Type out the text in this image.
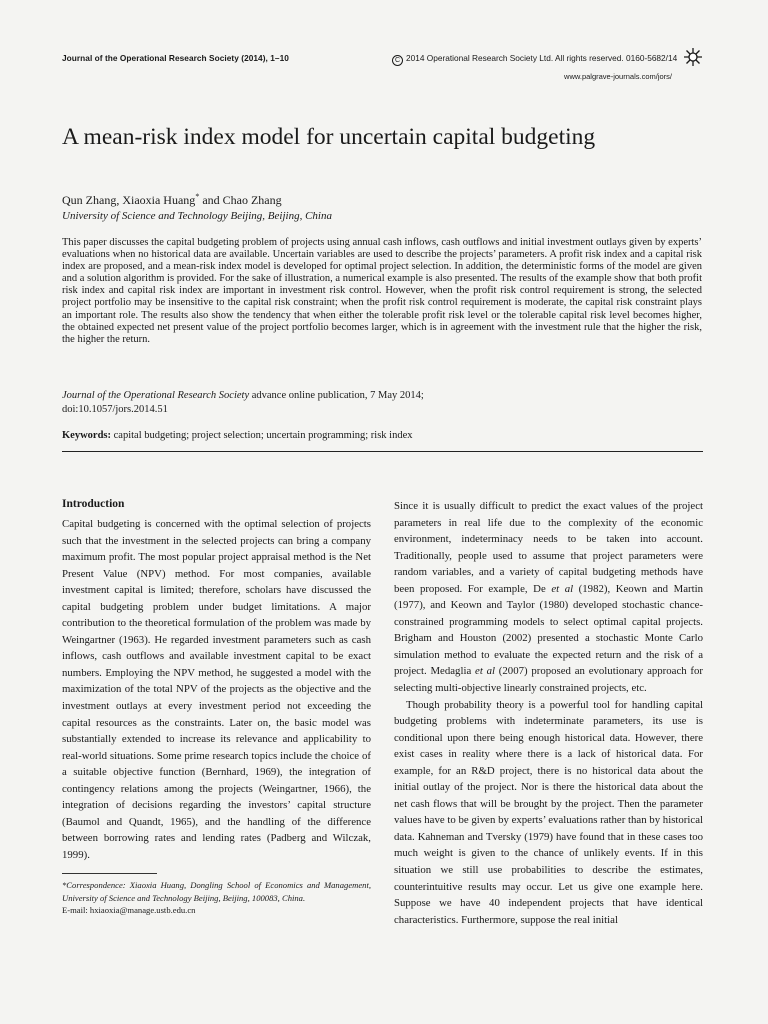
Journal of the Operational Research Society (2014), 1–10	C 2014 Operational Research Society Ltd. All rights reserved. 0160-5682/14
www.palgrave-journals.com/jors/
A mean-risk index model for uncertain capital budgeting
Qun Zhang, Xiaoxia Huang* and Chao Zhang
University of Science and Technology Beijing, Beijing, China

This paper discusses the capital budgeting problem of projects using annual cash inflows, cash outflows and initial investment outlays given by experts’ evaluations when no historical data are available. Uncertain variables are used to describe the projects’ parameters. A profit risk index and a capital risk index are proposed, and a mean-risk index model is developed for optimal project selection. In addition, the deterministic forms of the model are given and a solution algorithm is provided. For the sake of illustration, a numerical example is also presented. The results of the example show that both profit risk index and capital risk index are important in investment risk control. However, when the profit risk control requirement is strong, the selected project portfolio may be insensitive to the capital risk constraint; when the profit risk control requirement is moderate, the capital risk constraint plays an important role. The results also show the tendency that when either the tolerable profit risk level or the tolerable capital risk level becomes higher, the obtained expected net present value of the project portfolio becomes larger, which is in agreement with the investment rule that the higher the risk, the higher the return.

Journal of the Operational Research Society advance online publication, 7 May 2014;
doi:10.1057/jors.2014.51
Keywords: capital budgeting; project selection; uncertain programming; risk index

Introduction

Capital budgeting is concerned with the optimal selection of projects such that the investment in the selected projects can bring a company maximum profit. The most popular project appraisal method is the Net Present Value (NPV) method. For most companies, available investment capital is limited; therefore, scholars have discussed the capital budgeting problem under budget limitations. A major contribution to the theoretical formulation of the problem was made by Weingartner (1963). He regarded investment parameters such as cash inflows, cash outflows and available investment capital to be exact numbers. Employing the NPV method, he suggested a model with the maximization of the total NPV of the projects as the objective and the investment outlays at every investment period not exceeding the capital resources as the constraints. Later on, the basic model was substantially extended to increase its relevance and applicability to real-world situations. Some prime research topics include the choice of a suitable objective function (Bernhard, 1969), the integration of contingency relations among the projects (Weingartner, 1966), the integration of decisions regarding the investors’ capital structure (Baumol and Quandt, 1965), and the handling of the difference between borrowing rates and lending rates (Padberg and Wilczak, 1999).

Since it is usually difficult to predict the exact values of the project parameters in real life due to the complexity of the economic environment, indeterminacy needs to be taken into account. Traditionally, people used to assume that project parameters were random variables, and a variety of capital budgeting methods have been proposed. For example, De et al (1982), Keown and Martin (1977), and Keown and Taylor (1980) developed stochastic chance-constrained programming models to select optimal capital projects. Brigham and Houston (2002) presented a stochastic Monte Carlo simulation method to evaluate the expected return and the risk of a project. Medaglia et al (2007) proposed an evolutionary approach for selecting multi-objective linearly constrained projects, etc.

Though probability theory is a powerful tool for handling capital budgeting problems with indeterminate parameters, its use is conditional upon there being enough historical data. However, there exist cases in reality where there is a lack of historical data. For example, for an R&D project, there is no historical data about the initial outlay of the project. Nor is there the historical data about the net cash flows that will be brought by the project. Then the parameter values have to be given by experts’ evaluations rather than by historical data. Kahneman and Tversky (1979) have found that in these cases too much weight is given to the chance of unlikely events. If in this situation we still use probabilities to describe the estimates, counterintuitive results may occur. Let us give one example here. Suppose we have 40 independent projects that have identical characteristics. Furthermore, suppose the real initial

*Correspondence: Xiaoxia Huang, Dongling School of Economics and Management, University of Science and Technology Beijing, Beijing, 100083, China.
E-mail: hxiaoxia@manage.ustb.edu.cn
